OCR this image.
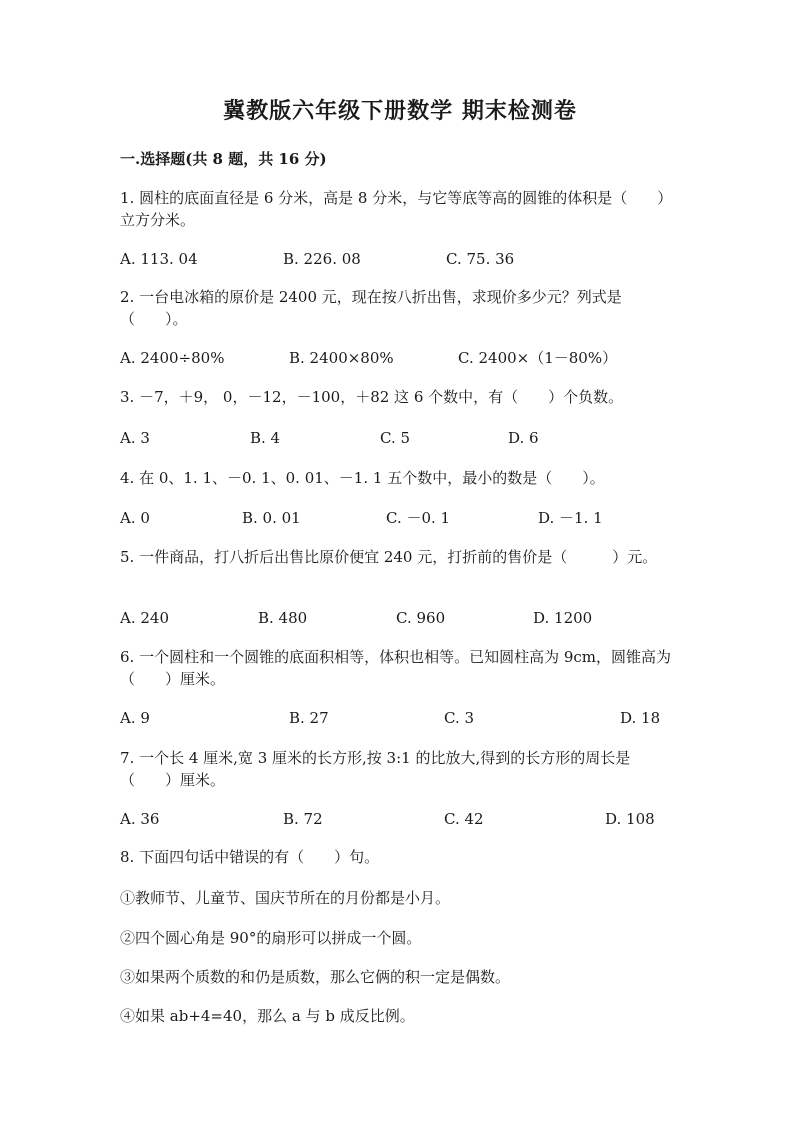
冀教版六年级下册数学 期末检测卷
一.选择题(共 8 题，共 16 分)
1. 圆柱的底面直径是 6 分米，高是 8 分米，与它等底等高的圆锥的体积是（　　）立方分米。
A. 113. 04	B. 226. 08	C. 75. 36
2. 一台电冰箱的原价是 2400 元，现在按八折出售，求现价多少元？列式是（　　）。
A. 2400÷80%	B. 2400×80%	C. 2400×（1－80%）
3. －7，＋9， 0，－12，－100，＋82 这 6 个数中，有（　　）个负数。
A. 3	B. 4	C. 5	D. 6
4. 在 0、1. 1、－0. 1、0. 01、－1. 1 五个数中，最小的数是（　　）。
A. 0	B. 0. 01	C. －0. 1	D. －1. 1
5. 一件商品，打八折后出售比原价便宜 240 元，打折前的售价是（　　　）元。
A. 240	B. 480	C. 960	D. 1200
6. 一个圆柱和一个圆锥的底面积相等，体积也相等。已知圆柱高为 9cm，圆锥高为（　　）厘米。
A. 9	B. 27	C. 3	D. 18
7. 一个长 4 厘米,宽 3 厘米的长方形,按 3:1 的比放大,得到的长方形的周长是（　　）厘米。
A. 36	B. 72	C. 42	D. 108
8. 下面四句话中错误的有（　　）句。
①教师节、儿童节、国庆节所在的月份都是小月。
②四个圆心角是 90°的扇形可以拼成一个圆。
③如果两个质数的和仍是质数，那么它俩的积一定是偶数。
④如果 ab+4=40，那么 a 与 b 成反比例。
